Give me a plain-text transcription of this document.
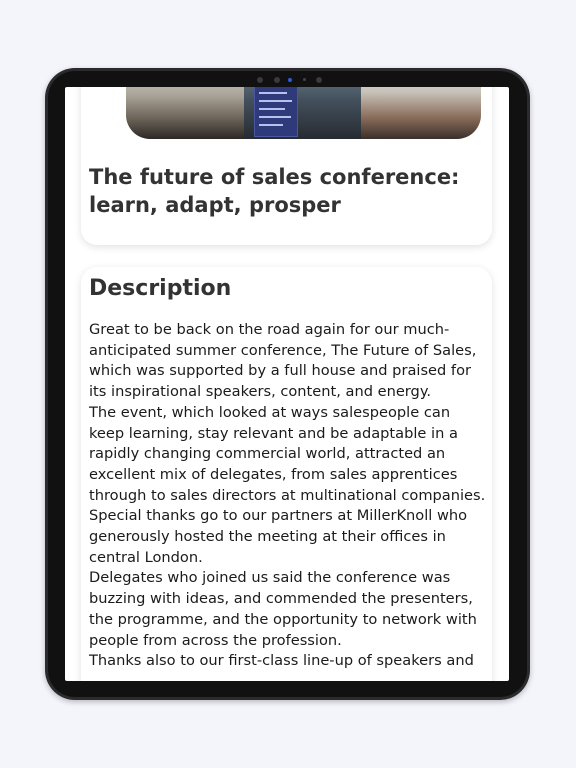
The future of sales conference: learn, adapt, prosper
Description

Great to be back on the road again for our much-anticipated summer conference, The Future of Sales, which was supported by a full house and praised for its inspirational speakers, content, and energy.

The event, which looked at ways salespeople can keep learning, stay relevant and be adaptable in a rapidly changing commercial world, attracted an excellent mix of delegates, from sales apprentices through to sales directors at multinational companies.

Special thanks go to our partners at MillerKnoll who generously hosted the meeting at their offices in central London.

Delegates who joined us said the conference was buzzing with ideas, and commended the presenters, the programme, and the opportunity to network with people from across the profession.

Thanks also to our first-class line-up of speakers and
